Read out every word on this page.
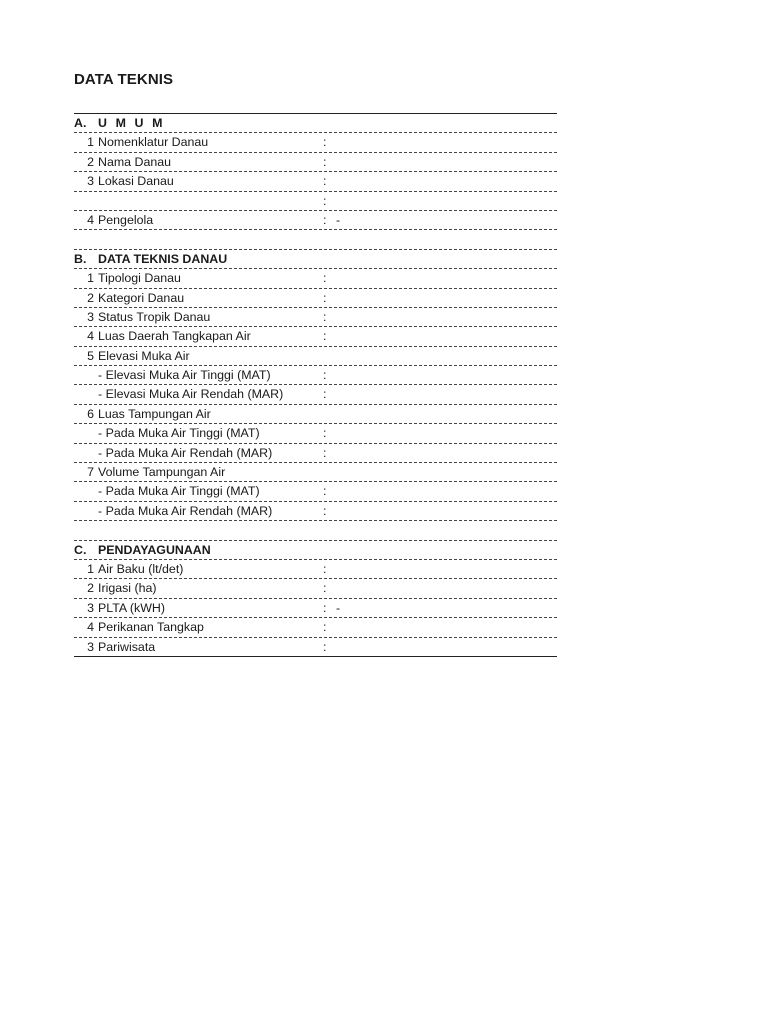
DATA TEKNIS
A. U M U M
1 Nomenklatur Danau	:
2 Nama Danau	:
3 Lokasi Danau	:
:
4 Pengelola	: -
B. DATA TEKNIS DANAU
1 Tipologi Danau	:
2 Kategori Danau	:
3 Status Tropik Danau	:
4 Luas Daerah Tangkapan Air	:
5 Elevasi Muka Air
- Elevasi Muka Air Tinggi (MAT)	:
- Elevasi Muka Air Rendah (MAR)	:
6 Luas Tampungan Air
- Pada Muka Air Tinggi (MAT)	:
- Pada Muka Air Rendah (MAR)	:
7 Volume Tampungan Air
- Pada Muka Air Tinggi (MAT)	:
- Pada Muka Air Rendah (MAR)	:
C. PENDAYAGUNAAN
1 Air Baku (lt/det)	:
2 Irigasi (ha)	:
3 PLTA (kWH)	: -
4 Perikanan Tangkap	:
3 Pariwisata	:
